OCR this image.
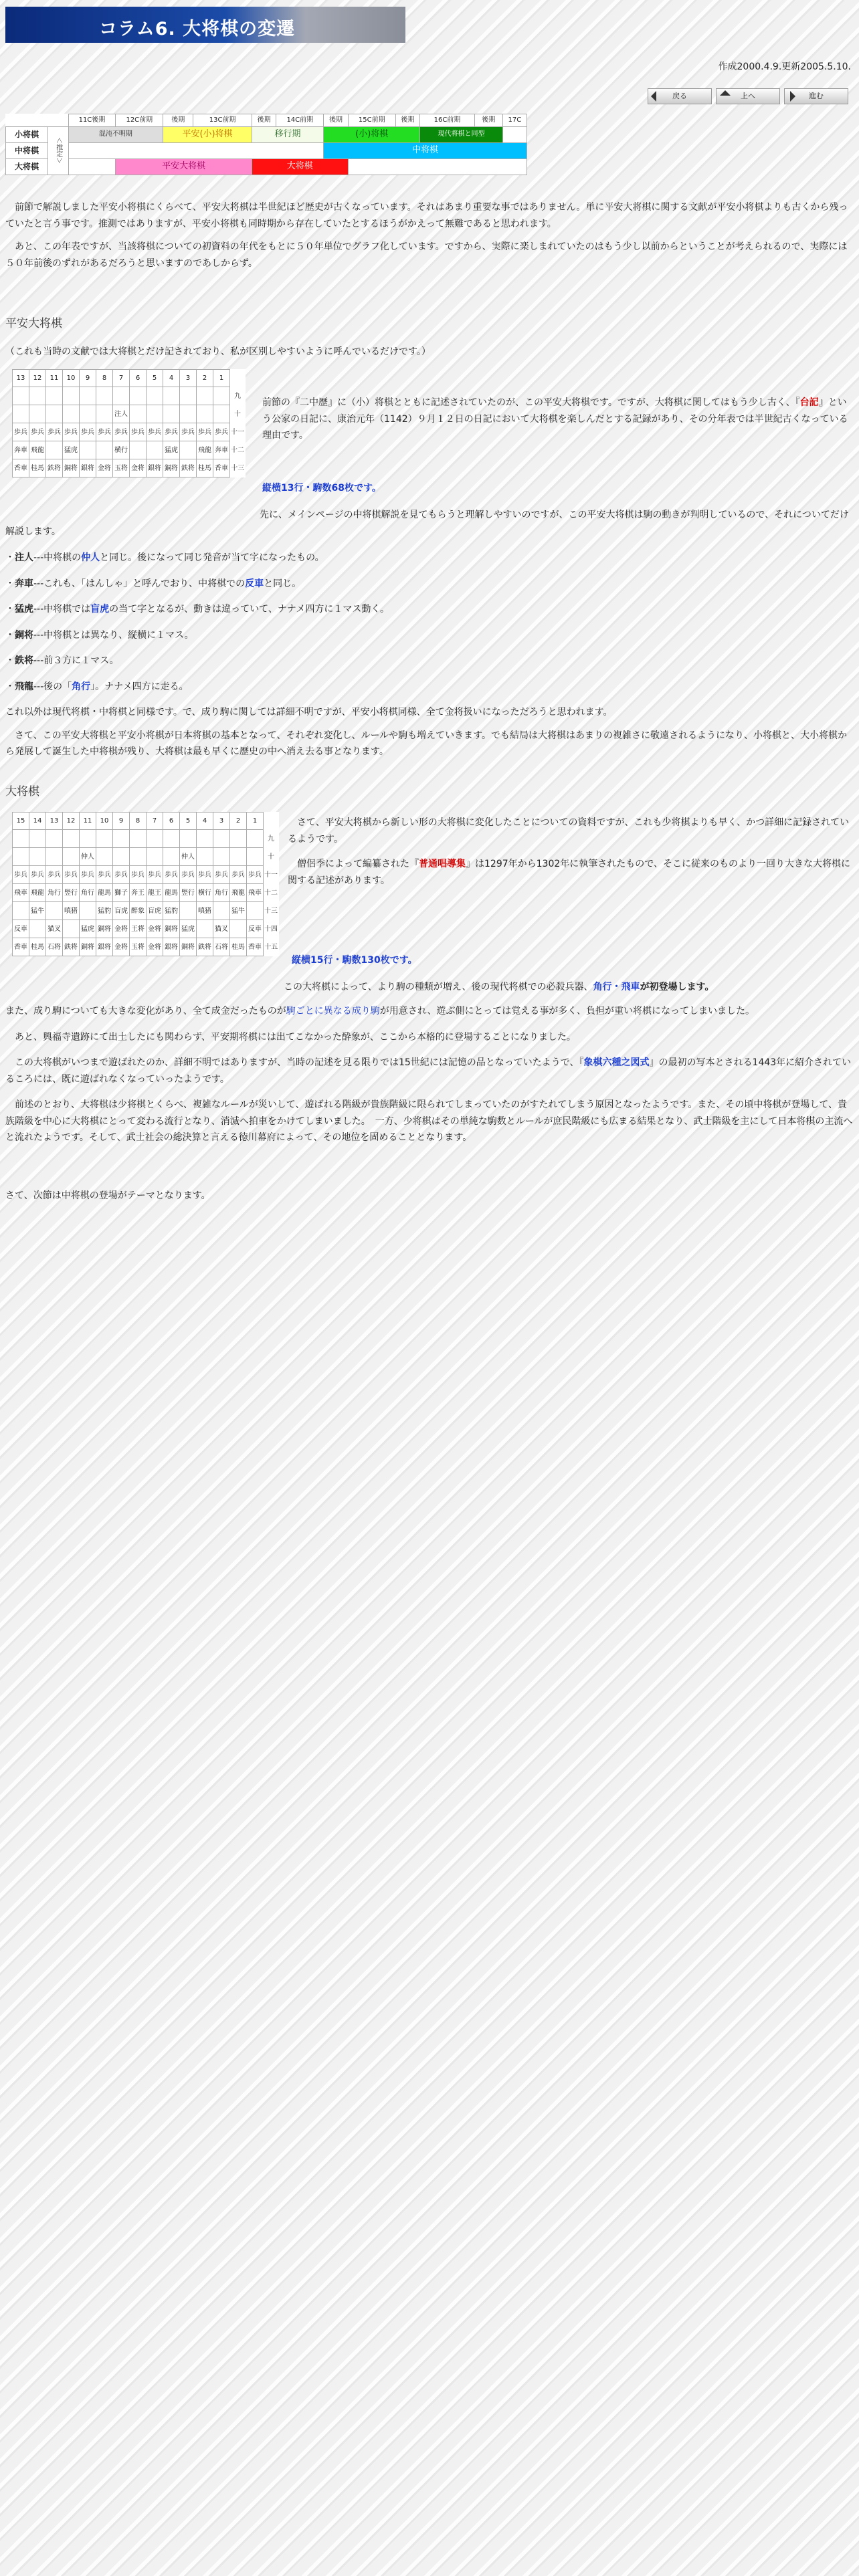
コラム6. 大将棋の変遷
作成2000.4.9.更新2005.5.10.
戻る	上へ	進む
		11C後期	12C前期	後期	13C前期	後期	14C前期	後期	15C前期	後期	16C前期	後期	17C
小将棋	＜推定＞	混沌不明期		平安(小)将棋		移行期		(小)将棋			現代将棋と同型		
中将棋								中将棋					
大将棋			平安大将棋			大将棋							

前節で解説しました平安小将棋にくらべて、平安大将棋は半世紀ほど歴史が古くなっています。それはあまり重要な事ではありません。単に平安大将棋に関する文献が平安小将棋よりも古くから残っていたと言う事です。推測ではありますが、平安小将棋も同時期から存在していたとするほうがかえって無難であると思われます。

あと、この年表ですが、当該将棋についての初資料の年代をもとに５０年単位でグラフ化しています。ですから、実際に楽しまれていたのはもう少し以前からということが考えられるので、実際には５０年前後のずれがあるだろうと思いますのであしからず。

平安大将棋
（これも当時の文献では大将棋とだけ記されており、私が区別しやすいように呼んでいるだけです。）
13	12	11	10	9	8	7	6	5	4	3	2	1	
													九
						注人							十
歩兵	歩兵	歩兵	歩兵	歩兵	歩兵	歩兵	歩兵	歩兵	歩兵	歩兵	歩兵	歩兵	十一
奔車	飛龍		猛虎			横行			猛虎		飛龍	奔車	十二
香車	桂馬	鉄将	銅将	銀将	金将	玉将	金将	銀将	銅将	鉄将	桂馬	香車	十三
前節の『二中歴』に（小）将棋とともに記述されていたのが、この平安大将棋です。ですが、大将棋に関してはもう少し古く、『台記』という公家の日記に、康治元年（1142）９月１２日の日記において大将棋を楽しんだとする記録があり、その分年表では半世紀古くなっている理由です。
縦横13行・駒数68枚です。
先に、メインページの中将棋解説を見てもらうと理解しやすいのですが、この平安大将棋は駒の動きが判明しているので、それについてだけ解説します。

・注人---中将棋の仲人と同じ。後になって同じ発音が当て字になったもの。

・奔車---これも、「はんしゃ」と呼んでおり、中将棋での反車と同じ。

・猛虎---中将棋では盲虎の当て字となるが、動きは違っていて、ナナメ四方に１マス動く。

・銅将---中将棋とは異なり、縦横に１マス。

・鉄将---前３方に１マス。

・飛龍---後の「角行」。ナナメ四方に走る。

これ以外は現代将棋・中将棋と同様です。で、成り駒に関しては詳細不明ですが、平安小将棋同様、全て金将扱いになっただろうと思われます。

さて、この平安大将棋と平安小将棋が日本将棋の基本となって、それぞれ変化し、ルールや駒も増えていきます。でも結局は大将棋はあまりの複雑さに敬遠されるようになり、小将棋と、大小将棋から発展して誕生した中将棋が残り、大将棋は最も早くに歴史の中へ消え去る事となります。

大将棋
15	14	13	12	11	10	9	8	7	6	5	4	3	2	1	
															九
				仲人						仲人					十
歩兵	歩兵	歩兵	歩兵	歩兵	歩兵	歩兵	歩兵	歩兵	歩兵	歩兵	歩兵	歩兵	歩兵	歩兵	十一
飛車	飛龍	角行	竪行	角行	龍馬	獅子	奔王	龍王	龍馬	竪行	横行	角行	飛龍	飛車	十二
	猛牛		嗔猪		猛豹	盲虎	醉象	盲虎	猛豹		嗔猪		猛牛		十三
反車		猫叉		猛虎	銅将	金将	王将	金将	銅将	猛虎		猫叉		反車	十四
香車	桂馬	石将	鉄将	銅将	銀将	金将	玉将	金将	銀将	銅将	鉄将	石将	桂馬	香車	十五
さて、平安大将棋から新しい形の大将棋に変化したことについての資料ですが、これも少将棋よりも早く、かつ詳細に記録されているようです。
僧侶季によって編纂された『普通唱導集』は1297年から1302年に執筆されたもので、そこに従来のものより一回り大きな大将棋に関する記述があります。
縦横15行・駒数130枚です。
この大将棋によって、より駒の種類が増え、後の現代将棋での必殺兵器、角行・飛車が初登場します。

また、成り駒についても大きな変化があり、全て成金だったものが駒ごとに異なる成り駒が用意され、遊ぶ側にとっては覚える事が多く、負担が重い将棋になってしまいました。

あと、興福寺遺跡にて出土したにも関わらず、平安期将棋には出てこなかった酔象が、ここから本格的に登場することになりました。

この大将棋がいつまで遊ばれたのか、詳細不明ではありますが、当時の記述を見る限りでは15世紀には記憶の品となっていたようで、『象棋六種之図式』の最初の写本とされる1443年に紹介されているころには、既に遊ばれなくなっていったようです。

前述のとおり、大将棋は少将棋とくらべ、複雑なルールが災いして、遊ばれる階級が貴族階級に限られてしまっていたのがすたれてしまう原因となったようです。また、その頃中将棋が登場して、貴族階級を中心に大将棋にとって変わる流行となり、消滅へ拍車をかけてしまいました。　一方、少将棋はその単純な駒数とルールが庶民階級にも広まる結果となり、武士階級を主にして日本将棋の主流へと流れたようです。そして、武士社会の総決算と言える徳川幕府によって、その地位を固めることとなります。

さて、次節は中将棋の登場がテーマとなります。
